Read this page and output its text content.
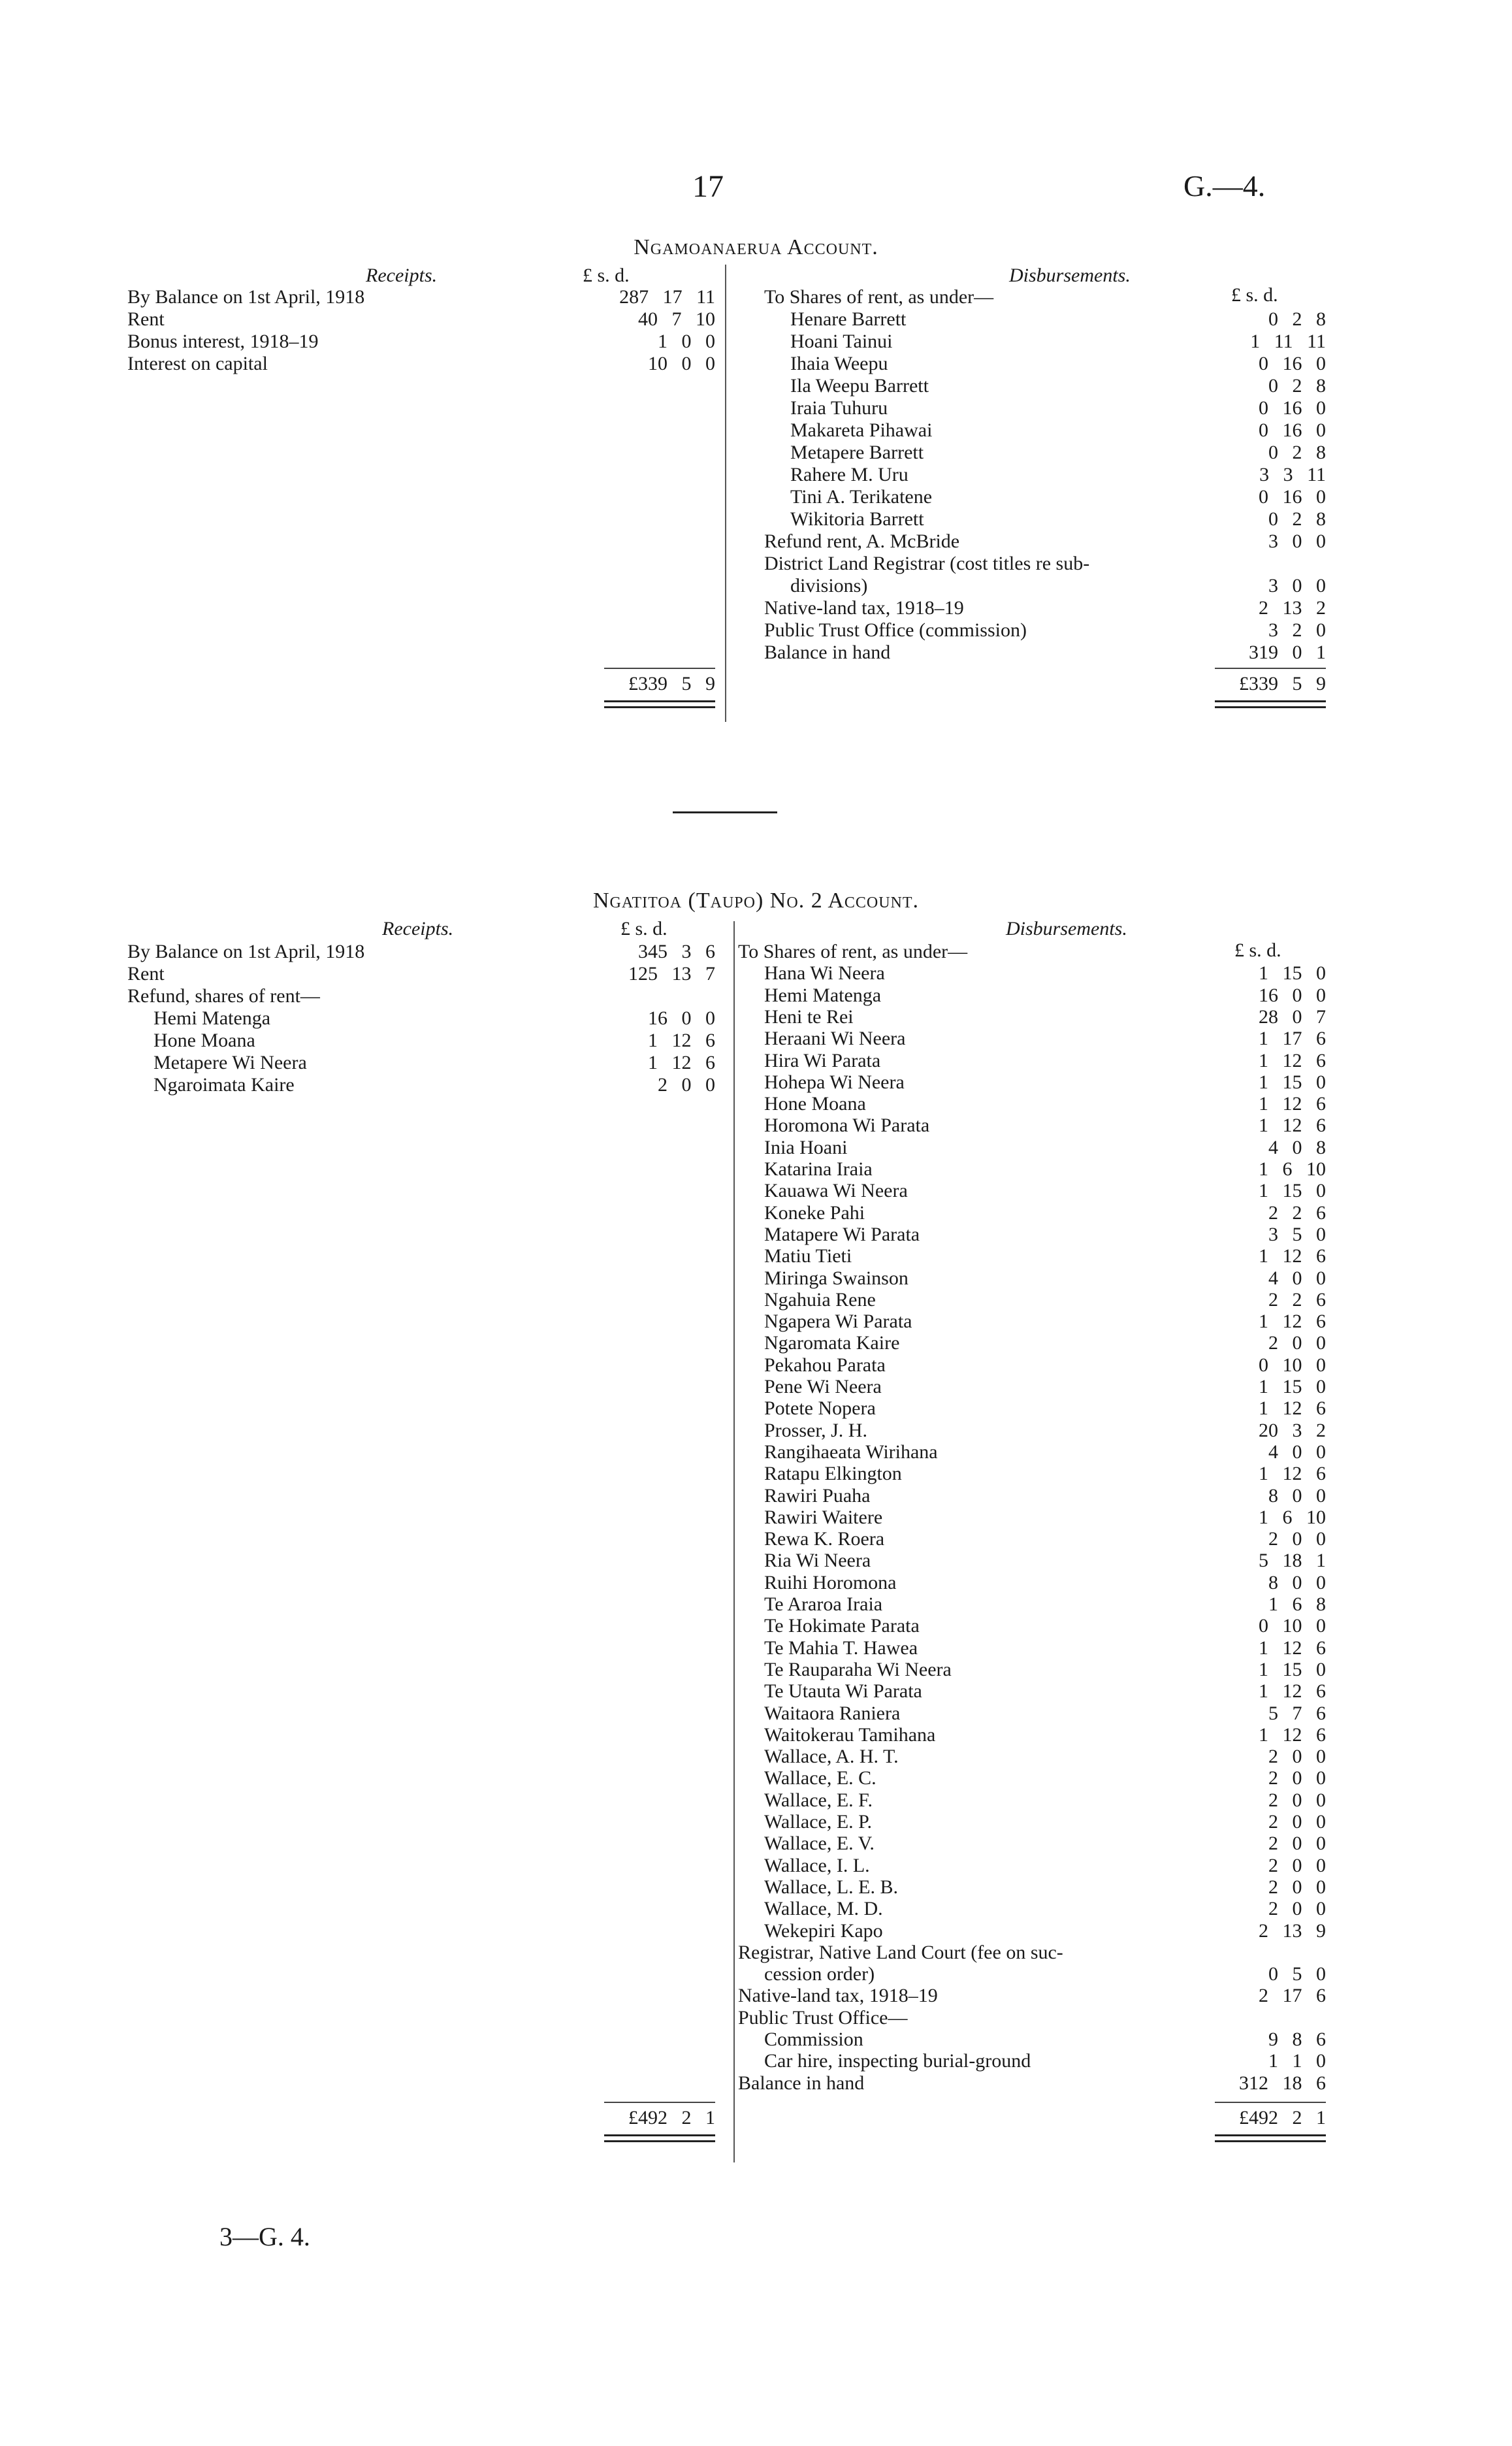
17	G.—4.
Ngamoanaerua Account.
Receipts.	£ s. d.	Disbursements.
£ s. d.
By Balance on 1st April, 1918	287 17 11
Rent	40 7 10
Bonus interest, 1918–19	1 0 0
Interest on capital	10 0 0
£339 5 9
To Shares of rent, as under—
Henare Barrett	0 2 8
Hoani Tainui	1 11 11
Ihaia Weepu	0 16 0
Ila Weepu Barrett	0 2 8
Iraia Tuhuru	0 16 0
Makareta Pihawai	0 16 0
Metapere Barrett	0 2 8
Rahere M. Uru	3 3 11
Tini A. Terikatene	0 16 0
Wikitoria Barrett	0 2 8
Refund rent, A. McBride	3 0 0
District Land Registrar (cost titles re sub-
divisions)	3 0 0
Native-land tax, 1918–19	2 13 2
Public Trust Office (commission)	3 2 0
Balance in hand	319 0 1
£339 5 9
Ngatitoa (Taupo) No. 2 Account.
Receipts.	£ s. d.	Disbursements.
£ s. d.
By Balance on 1st April, 1918	345 3 6
Rent	125 13 7
Refund, shares of rent—
Hemi Matenga	16 0 0
Hone Moana	1 12 6
Metapere Wi Neera	1 12 6
Ngaroimata Kaire	2 0 0
£492 2 1
To Shares of rent, as under—
Hana Wi Neera	1 15 0
Hemi Matenga	16 0 0
Heni te Rei	28 0 7
Heraani Wi Neera	1 17 6
Hira Wi Parata	1 12 6
Hohepa Wi Neera	1 15 0
Hone Moana	1 12 6
Horomona Wi Parata	1 12 6
Inia Hoani	4 0 8
Katarina Iraia	1 6 10
Kauawa Wi Neera	1 15 0
Koneke Pahi	2 2 6
Matapere Wi Parata	3 5 0
Matiu Tieti	1 12 6
Miringa Swainson	4 0 0
Ngahuia Rene	2 2 6
Ngapera Wi Parata	1 12 6
Ngaromata Kaire	2 0 0
Pekahou Parata	0 10 0
Pene Wi Neera	1 15 0
Potete Nopera	1 12 6
Prosser, J. H.	20 3 2
Rangihaeata Wirihana	4 0 0
Ratapu Elkington	1 12 6
Rawiri Puaha	8 0 0
Rawiri Waitere	1 6 10
Rewa K. Roera	2 0 0
Ria Wi Neera	5 18 1
Ruihi Horomona	8 0 0
Te Araroa Iraia	1 6 8
Te Hokimate Parata	0 10 0
Te Mahia T. Hawea	1 12 6
Te Rauparaha Wi Neera	1 15 0
Te Utauta Wi Parata	1 12 6
Waitaora Raniera	5 7 6
Waitokerau Tamihana	1 12 6
Wallace, A. H. T.	2 0 0
Wallace, E. C.	2 0 0
Wallace, E. F.	2 0 0
Wallace, E. P.	2 0 0
Wallace, E. V.	2 0 0
Wallace, I. L.	2 0 0
Wallace, L. E. B.	2 0 0
Wallace, M. D.	2 0 0
Wekepiri Kapo	2 13 9
Registrar, Native Land Court (fee on suc-
cession order)	0 5 0
Native-land tax, 1918–19	2 17 6
Public Trust Office—
Commission	9 8 6
Car hire, inspecting burial-ground	1 1 0
Balance in hand	312 18 6
£492 2 1
3—G. 4.
